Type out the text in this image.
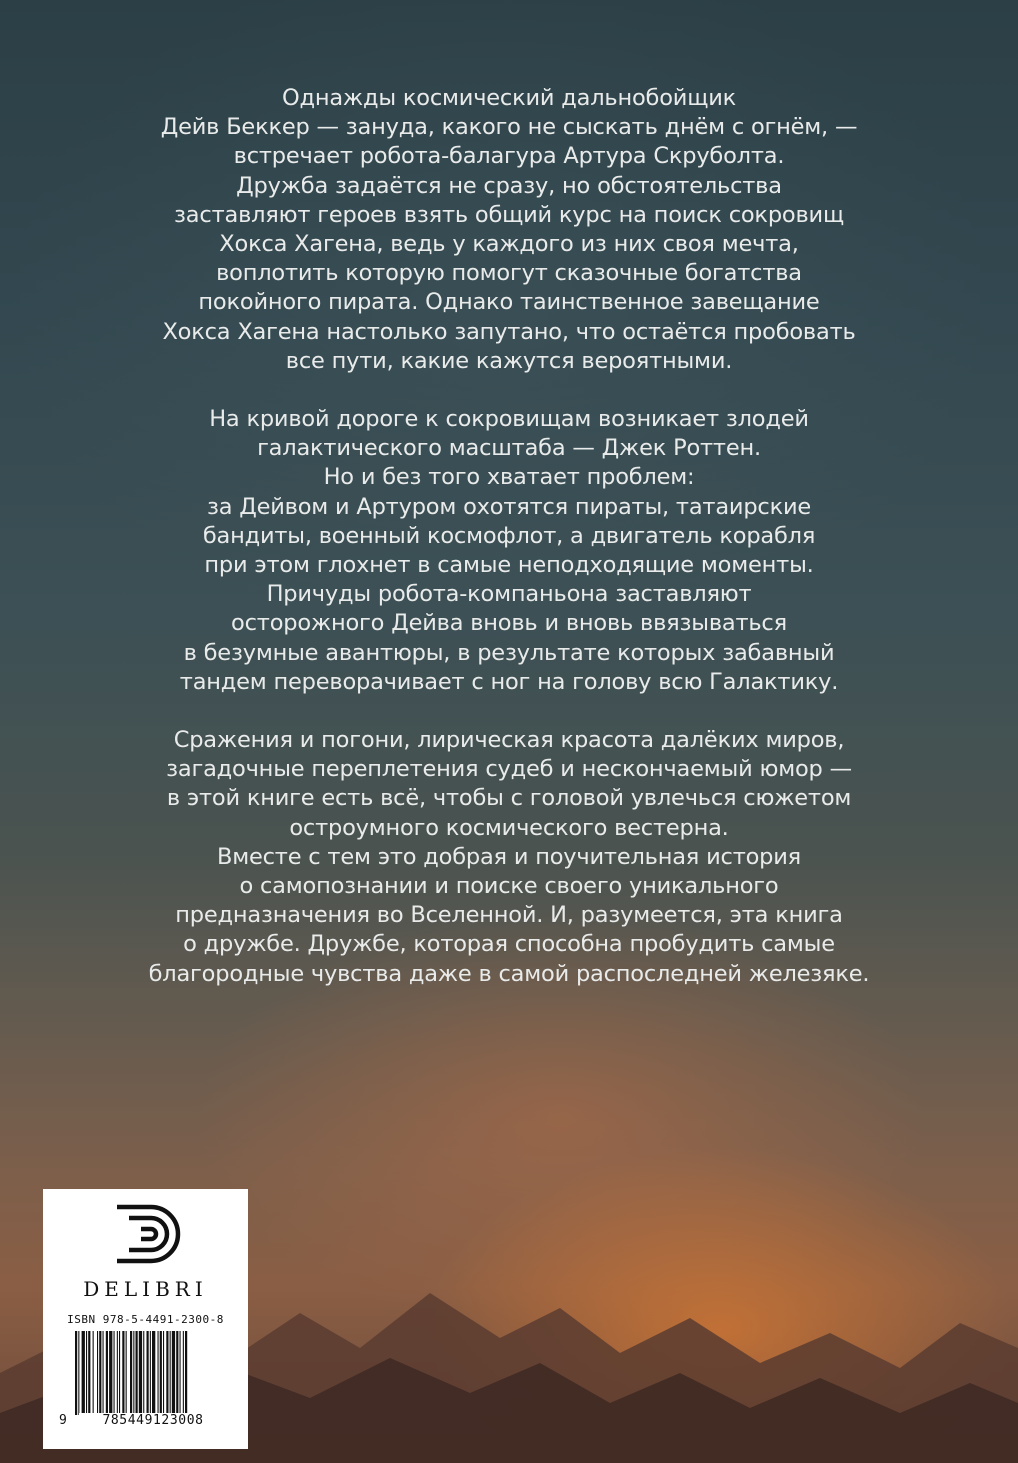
Однажды космический дальнобойщик
Дейв Беккер — зануда, какого не сыскать днём с огнём, —
встречает робота-балагура Артура Скруболта.
Дружба задаётся не сразу, но обстоятельства
заставляют героев взять общий курс на поиск сокровищ
Хокса Хагена, ведь у каждого из них своя мечта,
воплотить которую помогут сказочные богатства
покойного пирата. Однако таинственное завещание
Хокса Хагена настолько запутано, что остаётся пробовать
все пути, какие кажутся вероятными.

На кривой дороге к сокровищам возникает злодей
галактического масштаба — Джек Роттен.
Но и без того хватает проблем:
за Дейвом и Артуром охотятся пираты, татаирские
бандиты, военный космофлот, а двигатель корабля
при этом глохнет в самые неподходящие моменты.
Причуды робота-компаньона заставляют
осторожного Дейва вновь и вновь ввязываться
в безумные авантюры, в результате которых забавный
тандем переворачивает с ног на голову всю Галактику.

Сражения и погони, лирическая красота далёких миров,
загадочные переплетения судеб и нескончаемый юмор —
в этой книге есть всё, чтобы с головой увлечься сюжетом
остроумного космического вестерна.
Вместе с тем это добрая и поучительная история
о самопознании и поиске своего уникального
предназначения во Вселенной. И, разумеется, эта книга
о дружбе. Дружбе, которая способна пробудить самые
благородные чувства даже в самой распоследней железяке.

DELIBRI
ISBN 978-5-4491-2300-8
9	785449123008
